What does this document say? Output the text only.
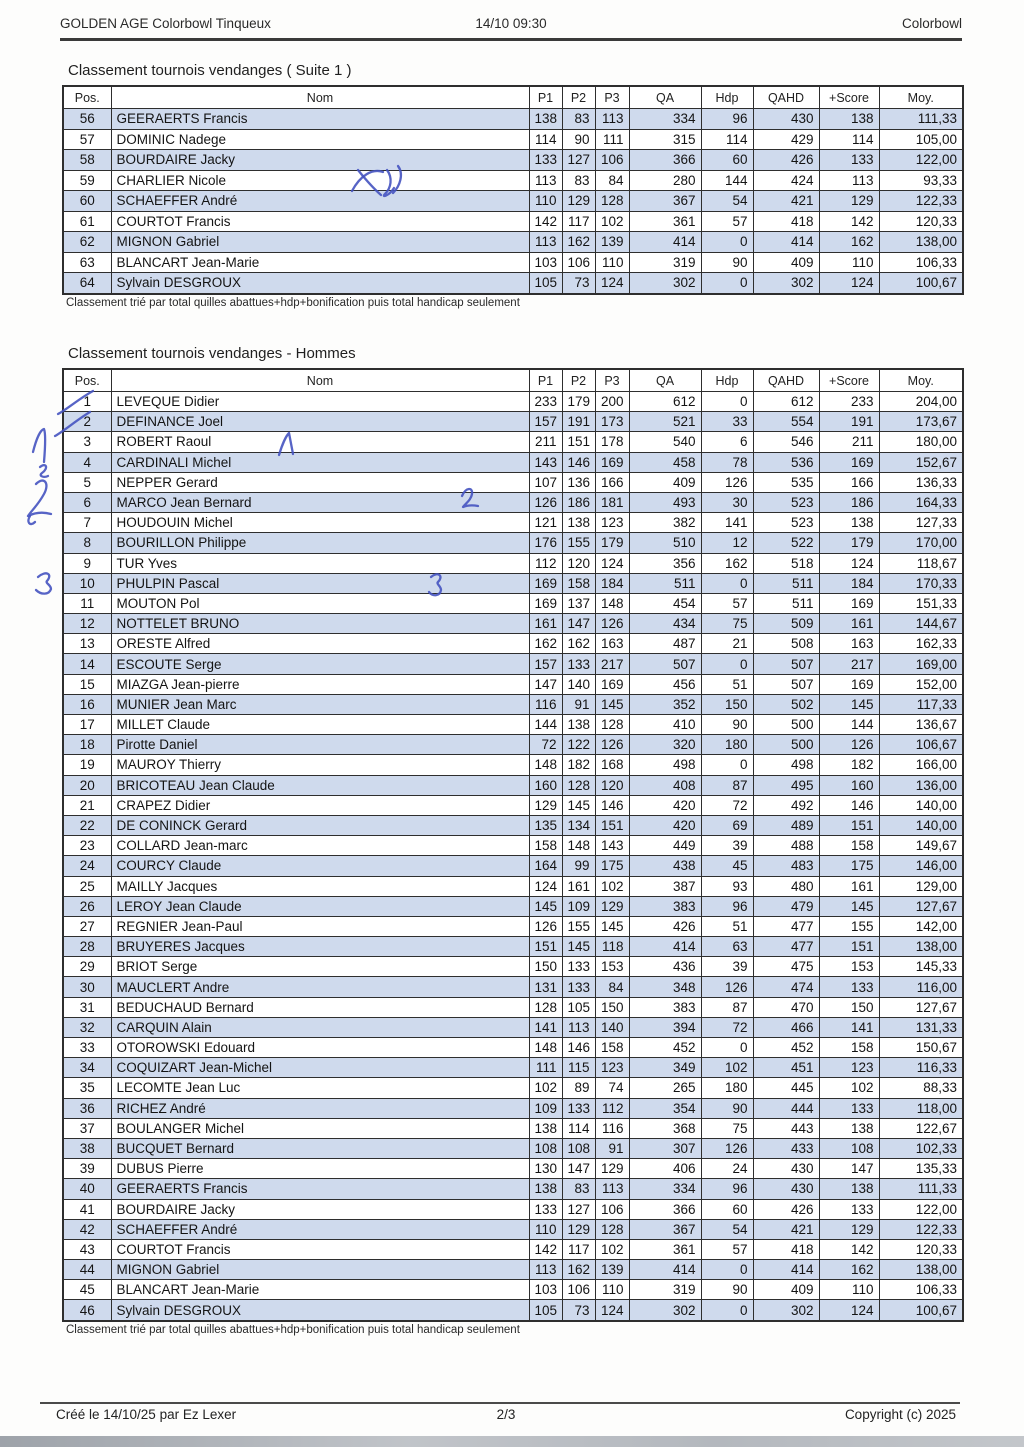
GOLDEN AGE Colorbowl Tinqueux	14/10 09:30	Colorbowl
Classement tournois vendanges ( Suite 1 )
Pos.	Nom	P1	P2	P3	QA	Hdp	QAHD	+Score	Moy.
56	GEERAERTS Francis	138	83	113	334	96	430	138	111,33
57	DOMINIC Nadege	114	90	111	315	114	429	114	105,00
58	BOURDAIRE Jacky	133	127	106	366	60	426	133	122,00
59	CHARLIER Nicole	113	83	84	280	144	424	113	93,33
60	SCHAEFFER André	110	129	128	367	54	421	129	122,33
61	COURTOT Francis	142	117	102	361	57	418	142	120,33
62	MIGNON Gabriel	113	162	139	414	0	414	162	138,00
63	BLANCART Jean-Marie	103	106	110	319	90	409	110	106,33
64	Sylvain DESGROUX	105	73	124	302	0	302	124	100,67
Classement trié par total quilles abattues+hdp+bonification puis total handicap seulement
Classement tournois vendanges - Hommes
Pos.	Nom	P1	P2	P3	QA	Hdp	QAHD	+Score	Moy.
1	LEVEQUE Didier	233	179	200	612	0	612	233	204,00
2	DEFINANCE Joel	157	191	173	521	33	554	191	173,67
3	ROBERT Raoul	211	151	178	540	6	546	211	180,00
4	CARDINALI Michel	143	146	169	458	78	536	169	152,67
5	NEPPER Gerard	107	136	166	409	126	535	166	136,33
6	MARCO Jean Bernard	126	186	181	493	30	523	186	164,33
7	HOUDOUIN Michel	121	138	123	382	141	523	138	127,33
8	BOURILLON Philippe	176	155	179	510	12	522	179	170,00
9	TUR Yves	112	120	124	356	162	518	124	118,67
10	PHULPIN Pascal	169	158	184	511	0	511	184	170,33
11	MOUTON Pol	169	137	148	454	57	511	169	151,33
12	NOTTELET BRUNO	161	147	126	434	75	509	161	144,67
13	ORESTE Alfred	162	162	163	487	21	508	163	162,33
14	ESCOUTE Serge	157	133	217	507	0	507	217	169,00
15	MIAZGA Jean-pierre	147	140	169	456	51	507	169	152,00
16	MUNIER Jean Marc	116	91	145	352	150	502	145	117,33
17	MILLET Claude	144	138	128	410	90	500	144	136,67
18	Pirotte Daniel	72	122	126	320	180	500	126	106,67
19	MAUROY Thierry	148	182	168	498	0	498	182	166,00
20	BRICOTEAU Jean Claude	160	128	120	408	87	495	160	136,00
21	CRAPEZ Didier	129	145	146	420	72	492	146	140,00
22	DE CONINCK Gerard	135	134	151	420	69	489	151	140,00
23	COLLARD Jean-marc	158	148	143	449	39	488	158	149,67
24	COURCY Claude	164	99	175	438	45	483	175	146,00
25	MAILLY Jacques	124	161	102	387	93	480	161	129,00
26	LEROY Jean Claude	145	109	129	383	96	479	145	127,67
27	REGNIER Jean-Paul	126	155	145	426	51	477	155	142,00
28	BRUYERES Jacques	151	145	118	414	63	477	151	138,00
29	BRIOT Serge	150	133	153	436	39	475	153	145,33
30	MAUCLERT Andre	131	133	84	348	126	474	133	116,00
31	BEDUCHAUD Bernard	128	105	150	383	87	470	150	127,67
32	CARQUIN Alain	141	113	140	394	72	466	141	131,33
33	OTOROWSKI Edouard	148	146	158	452	0	452	158	150,67
34	COQUIZART Jean-Michel	111	115	123	349	102	451	123	116,33
35	LECOMTE Jean Luc	102	89	74	265	180	445	102	88,33
36	RICHEZ André	109	133	112	354	90	444	133	118,00
37	BOULANGER Michel	138	114	116	368	75	443	138	122,67
38	BUCQUET Bernard	108	108	91	307	126	433	108	102,33
39	DUBUS Pierre	130	147	129	406	24	430	147	135,33
40	GEERAERTS Francis	138	83	113	334	96	430	138	111,33
41	BOURDAIRE Jacky	133	127	106	366	60	426	133	122,00
42	SCHAEFFER André	110	129	128	367	54	421	129	122,33
43	COURTOT Francis	142	117	102	361	57	418	142	120,33
44	MIGNON Gabriel	113	162	139	414	0	414	162	138,00
45	BLANCART Jean-Marie	103	106	110	319	90	409	110	106,33
46	Sylvain DESGROUX	105	73	124	302	0	302	124	100,67
Classement trié par total quilles abattues+hdp+bonification puis total handicap seulement
Créé le 14/10/25 par Ez Lexer	2/3	Copyright (c) 2025
